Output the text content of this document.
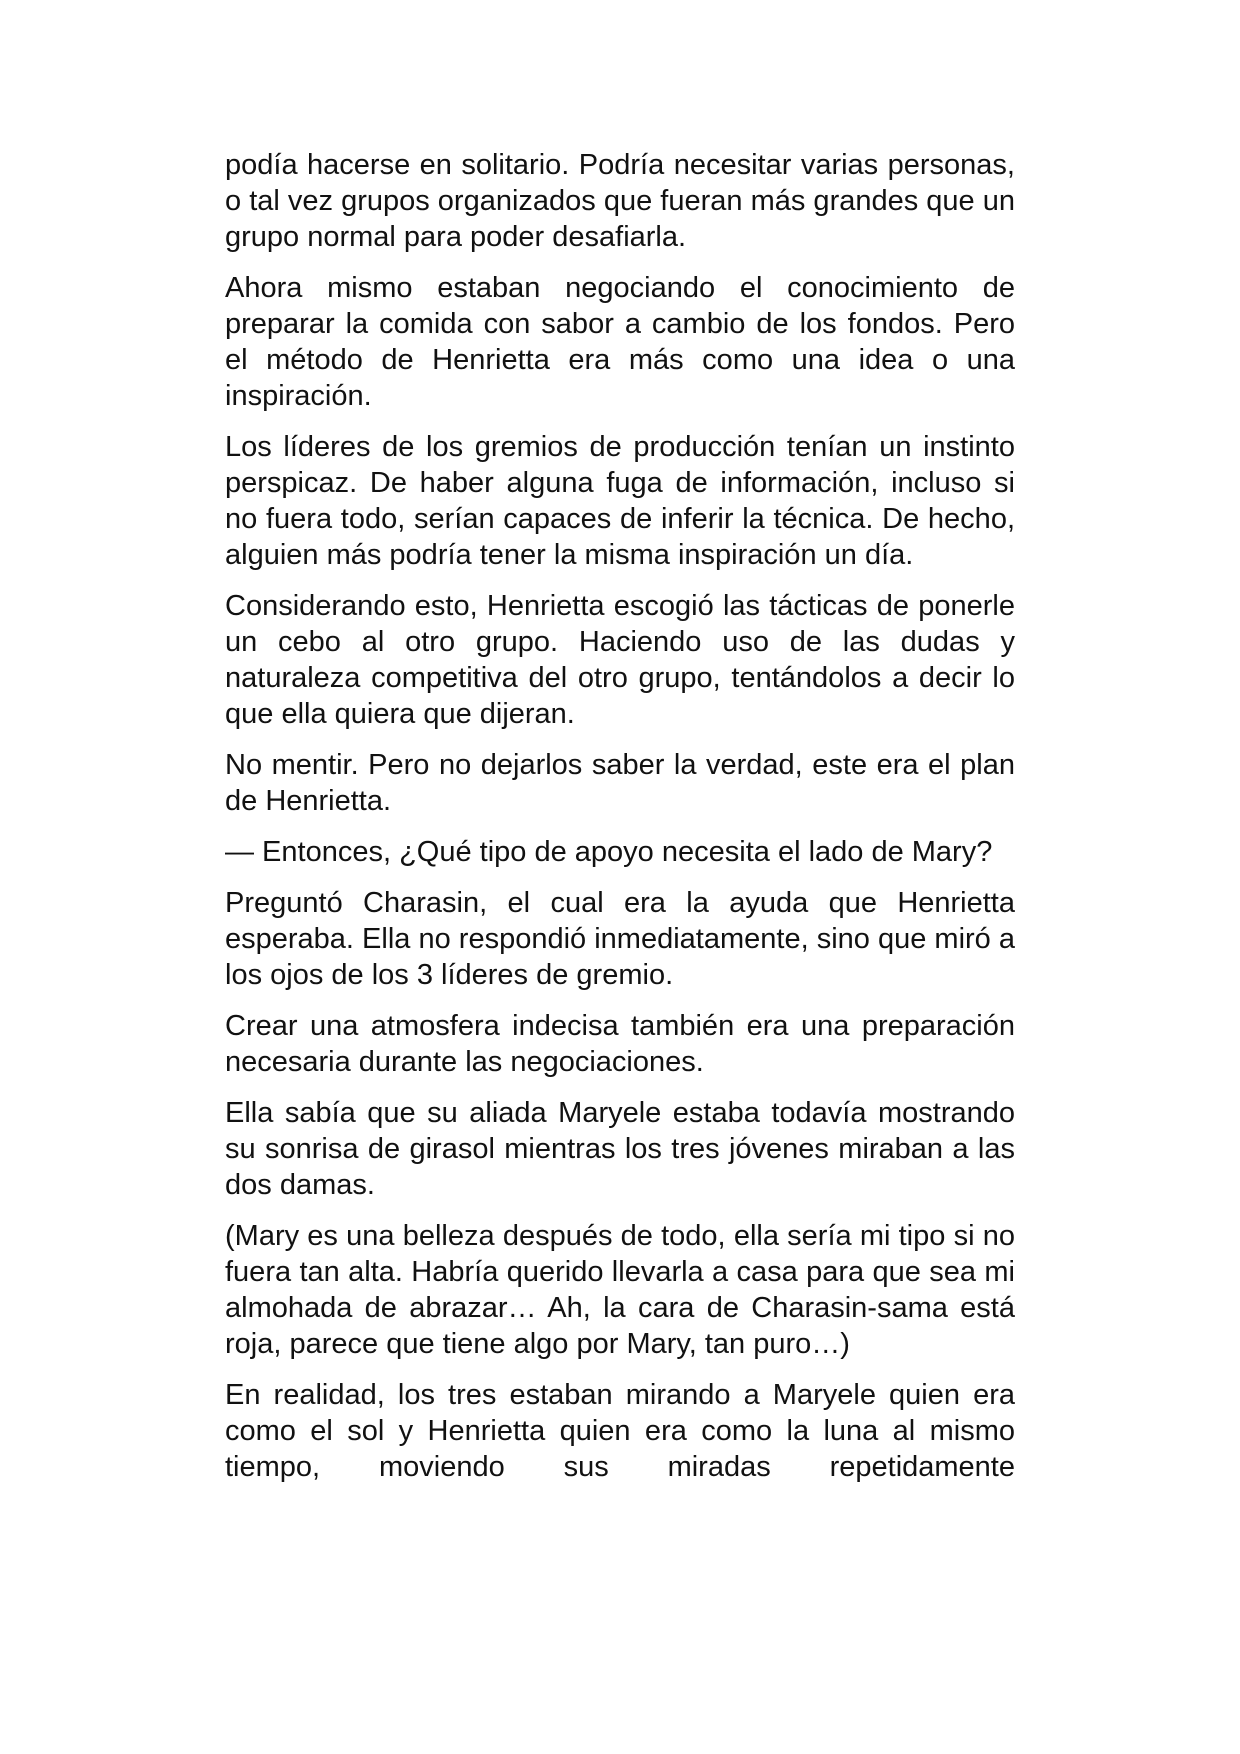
podía hacerse en solitario. Podría necesitar varias personas, o tal vez grupos organizados que fueran más grandes que un grupo normal para poder desafiarla.

Ahora mismo estaban negociando el conocimiento de preparar la comida con sabor a cambio de los fondos. Pero el método de Henrietta era más como una idea o una inspiración.

Los líderes de los gremios de producción tenían un instinto perspicaz. De haber alguna fuga de información, incluso si no fuera todo, serían capaces de inferir la técnica. De hecho, alguien más podría tener la misma inspiración un día.

Considerando esto, Henrietta escogió las tácticas de ponerle un cebo al otro grupo. Haciendo uso de las dudas y naturaleza competitiva del otro grupo, tentándolos a decir lo que ella quiera que dijeran.

No mentir. Pero no dejarlos saber la verdad, este era el plan de Henrietta.

— Entonces, ¿Qué tipo de apoyo necesita el lado de Mary?

Preguntó Charasin, el cual era la ayuda que Henrietta esperaba. Ella no respondió inmediatamente, sino que miró a los ojos de los 3 líderes de gremio.

Crear una atmosfera indecisa también era una preparación necesaria durante las negociaciones.

Ella sabía que su aliada Maryele estaba todavía mostrando su sonrisa de girasol mientras los tres jóvenes miraban a las dos damas.

(Mary es una belleza después de todo, ella sería mi tipo si no fuera tan alta. Habría querido llevarla a casa para que sea mi almohada de abrazar… Ah, la cara de Charasin-sama está roja, parece que tiene algo por Mary, tan puro…)

En realidad, los tres estaban mirando a Maryele quien era como el sol y Henrietta quien era como la luna al mismo tiempo, moviendo sus miradas repetidamente
